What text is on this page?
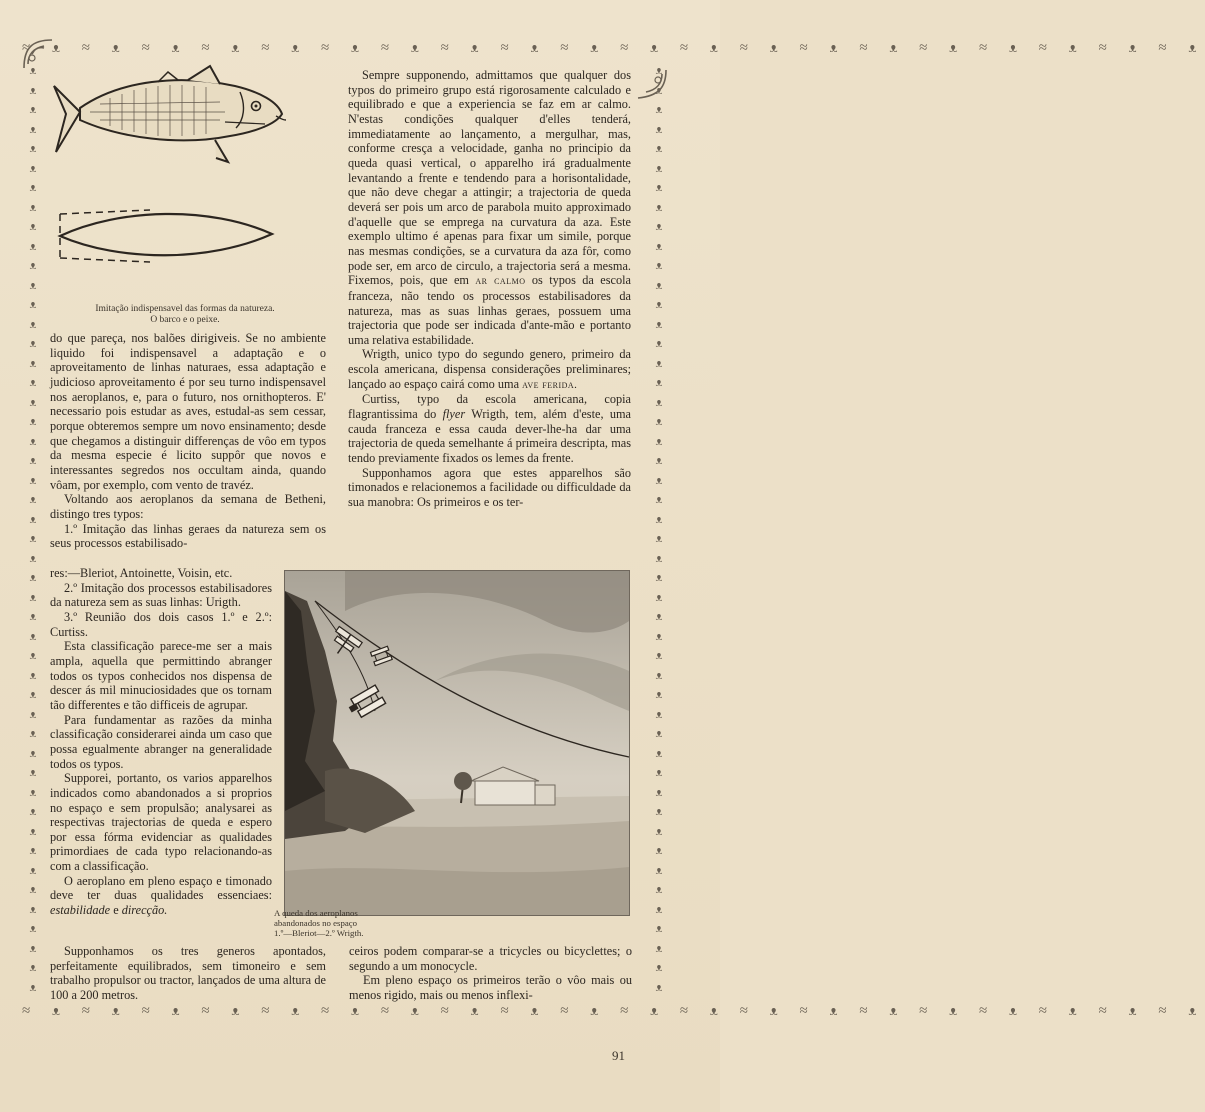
≈ ᴥ ≈ ᴥ ≈ ᴥ ≈ ᴥ ≈ ᴥ ≈ ᴥ ≈ ᴥ ≈ ᴥ ≈ ᴥ ≈ ᴥ ≈ ᴥ ≈ ᴥ ≈ ᴥ ≈ ᴥ ≈ ᴥ ≈ ᴥ ≈ ᴥ ≈ ᴥ ≈ ᴥ ≈ ᴥ
≈ ᴥ ≈ ᴥ ≈ ᴥ ≈ ᴥ ≈ ᴥ ≈ ᴥ ≈ ᴥ ≈ ᴥ ≈ ᴥ ≈ ᴥ ≈ ᴥ ≈ ᴥ ≈ ᴥ ≈ ᴥ ≈ ᴥ ≈ ᴥ ≈ ᴥ ≈ ᴥ ≈ ᴥ ≈ ᴥ
ᴥ
ᴥ
ᴥ
ᴥ
ᴥ
ᴥ
ᴥ
ᴥ
ᴥ
ᴥ
ᴥ
ᴥ
ᴥ
ᴥ
ᴥ
ᴥ
ᴥ
ᴥ
ᴥ
ᴥ
ᴥ
ᴥ
ᴥ
ᴥ
ᴥ
ᴥ
ᴥ
ᴥ
ᴥ
ᴥ
ᴥ
ᴥ
ᴥ
ᴥ
ᴥ
ᴥ
ᴥ
ᴥ
ᴥ
ᴥ
ᴥ
ᴥ
ᴥ
ᴥ
ᴥ
ᴥ
ᴥ
ᴥ
ᴥ
ᴥ
ᴥ
ᴥ
ᴥ
ᴥ
ᴥ
ᴥ
ᴥ
ᴥ
ᴥ
ᴥ
ᴥ
ᴥ
ᴥ
ᴥ
ᴥ
ᴥ
ᴥ
ᴥ
ᴥ
ᴥ
ᴥ
ᴥ
ᴥ
ᴥ
ᴥ
ᴥ
ᴥ
ᴥ
ᴥ
ᴥ
ᴥ
ᴥ
ᴥ
ᴥ
ᴥ
ᴥ
ᴥ
ᴥ
ᴥ
ᴥ
ᴥ
ᴥ
ᴥ
ᴥ
ᴥ
ᴥ
Imitação indispensavel das formas da natureza.
O barco e o peixe.

do que pareça, nos balões dirigiveis. Se no ambiente liquido foi indispensavel a adaptação e o aproveitamento de linhas naturaes, essa adaptação e judicioso aproveitamento é por seu turno indispensavel nos aeroplanos, e, para o futuro, nos ornithopteros. E' necessario pois estudar as aves, estudal-as sem cessar, porque obteremos sempre um novo ensinamento; desde que chegamos a distinguir differenças de vôo em typos da mesma especie é licito suppôr que novos e interessantes segredos nos occultam ainda, quando vôam, por exemplo, com vento de travéz.

Voltando aos aeroplanos da semana de Betheni, distingo tres typos:

1.º Imitação das linhas geraes da natureza sem os seus processos estabilisado-

res:—Bleriot, Antoinette, Voisin, etc.

2.º Imitação dos processos estabilisadores da natureza sem as suas linhas: Urigth.

3.º Reunião dos dois casos 1.º e 2.º: Curtiss.

Esta classificação parece-me ser a mais ampla, aquella que permittindo abranger todos os typos conhecidos nos dispensa de descer ás mil minuciosidades que os tornam tão differentes e tão difficeis de agrupar.

Para fundamentar as razões da minha classificação considerarei ainda um caso que possa egualmente abranger na generalidade todos os typos.

Supporei, portanto, os varios apparelhos indicados como abandonados a si proprios no espaço e sem propulsão; analysarei as respectivas trajectorias de queda e espero por essa fórma evidenciar as qualidades primordiaes de cada typo relacionando-as com a classificação.

O aeroplano em pleno espaço e timonado deve ter duas qualidades essenciaes: estabilidade e direcção.

Supponhamos os tres generos apontados, perfeitamente equilibrados, sem timoneiro e sem trabalho propulsor ou tractor, lançados de uma altura de 100 a 200 metros.

Sempre supponendo, admittamos que qualquer dos typos do primeiro grupo está rigorosamente calculado e equilibrado e que a experiencia se faz em ar calmo. N'estas condições qualquer d'elles tenderá, immediatamente ao lançamento, a mergulhar, mas, conforme cresça a velocidade, ganha no principio da queda quasi vertical, o apparelho irá gradualmente levantando a frente e tendendo para a horisontalidade, que não deve chegar a attingir; a trajectoria de queda deverá ser pois um arco de parabola muito approximado d'aquelle que se emprega na curvatura da aza. Este exemplo ultimo é apenas para fixar um simile, porque nas mesmas condições, se a curvatura da aza fôr, como pode ser, em arco de circulo, a trajectoria será a mesma. Fixemos, pois, que em ar calmo os typos da escola franceza, não tendo os processos estabilisadores da natureza, mas as suas linhas geraes, possuem uma trajectoria que pode ser indicada d'ante-mão e portanto uma relativa estabilidade.

Wrigth, unico typo do segundo genero, primeiro da escola americana, dispensa considerações preliminares; lançado ao espaço cairá como uma ave ferida.

Curtiss, typo da escola americana, copia flagrantissima do flyer Wrigth, tem, além d'este, uma cauda franceza e essa cauda dever-lhe-ha dar uma trajectoria de queda semelhante á primeira descripta, mas tendo previamente fixados os lemes da frente.

Supponhamos agora que estes apparelhos são timonados e relacionemos a facilidade ou difficuldade da sua manobra: Os primeiros e os ter-

A queda dos aeroplanos
abandonados no espaço
1.º—Bleriot—2.º Wrigth.

ceiros podem comparar-se a tricycles ou bicyclettes; o segundo a um monocycle.

Em pleno espaço os primeiros terão o vôo mais ou menos rigido, mais ou menos inflexi-

91
